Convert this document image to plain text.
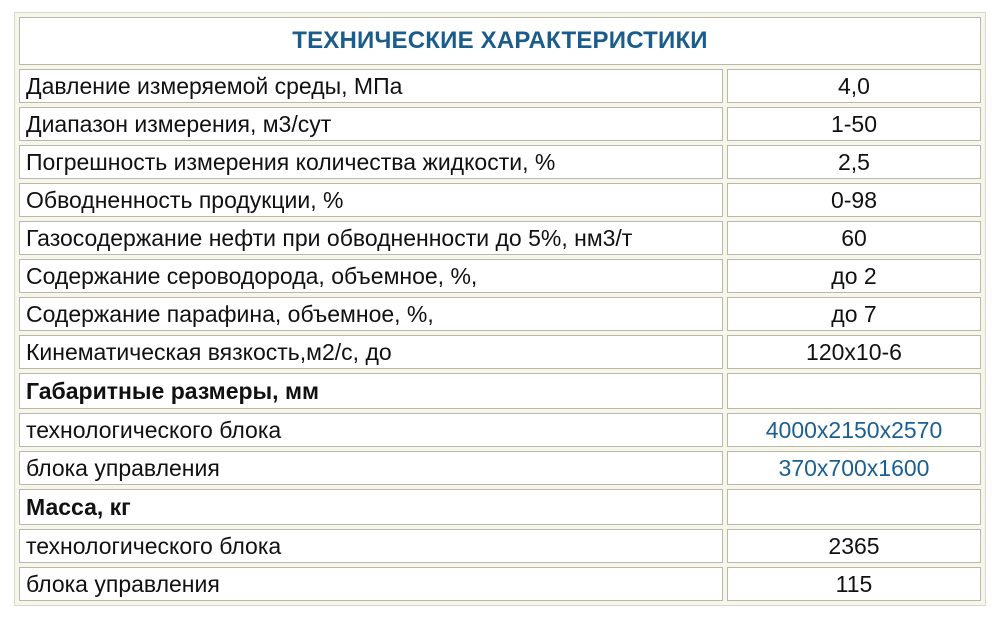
ТЕХНИЧЕСКИЕ ХАРАКТЕРИСТИКИ	
Давление измеряемой среды, МПа	4,0
Диапазон измерения, м3/сут	1-50
Погрешность измерения количества жидкости, %	2,5
Обводненность продукции, %	0-98
Газосодержание нефти при обводненности до 5%, нм3/т	60
Содержание сероводорода, объемное, %,	до 2
Содержание парафина, объемное, %,	до 7
Кинематическая вязкость,м2/с, до	120х10-6
Габаритные размеры, мм	
технологического блока	4000х2150х2570
блока управления	370х700х1600
Масса, кг	
технологического блока	2365
блока управления	115
